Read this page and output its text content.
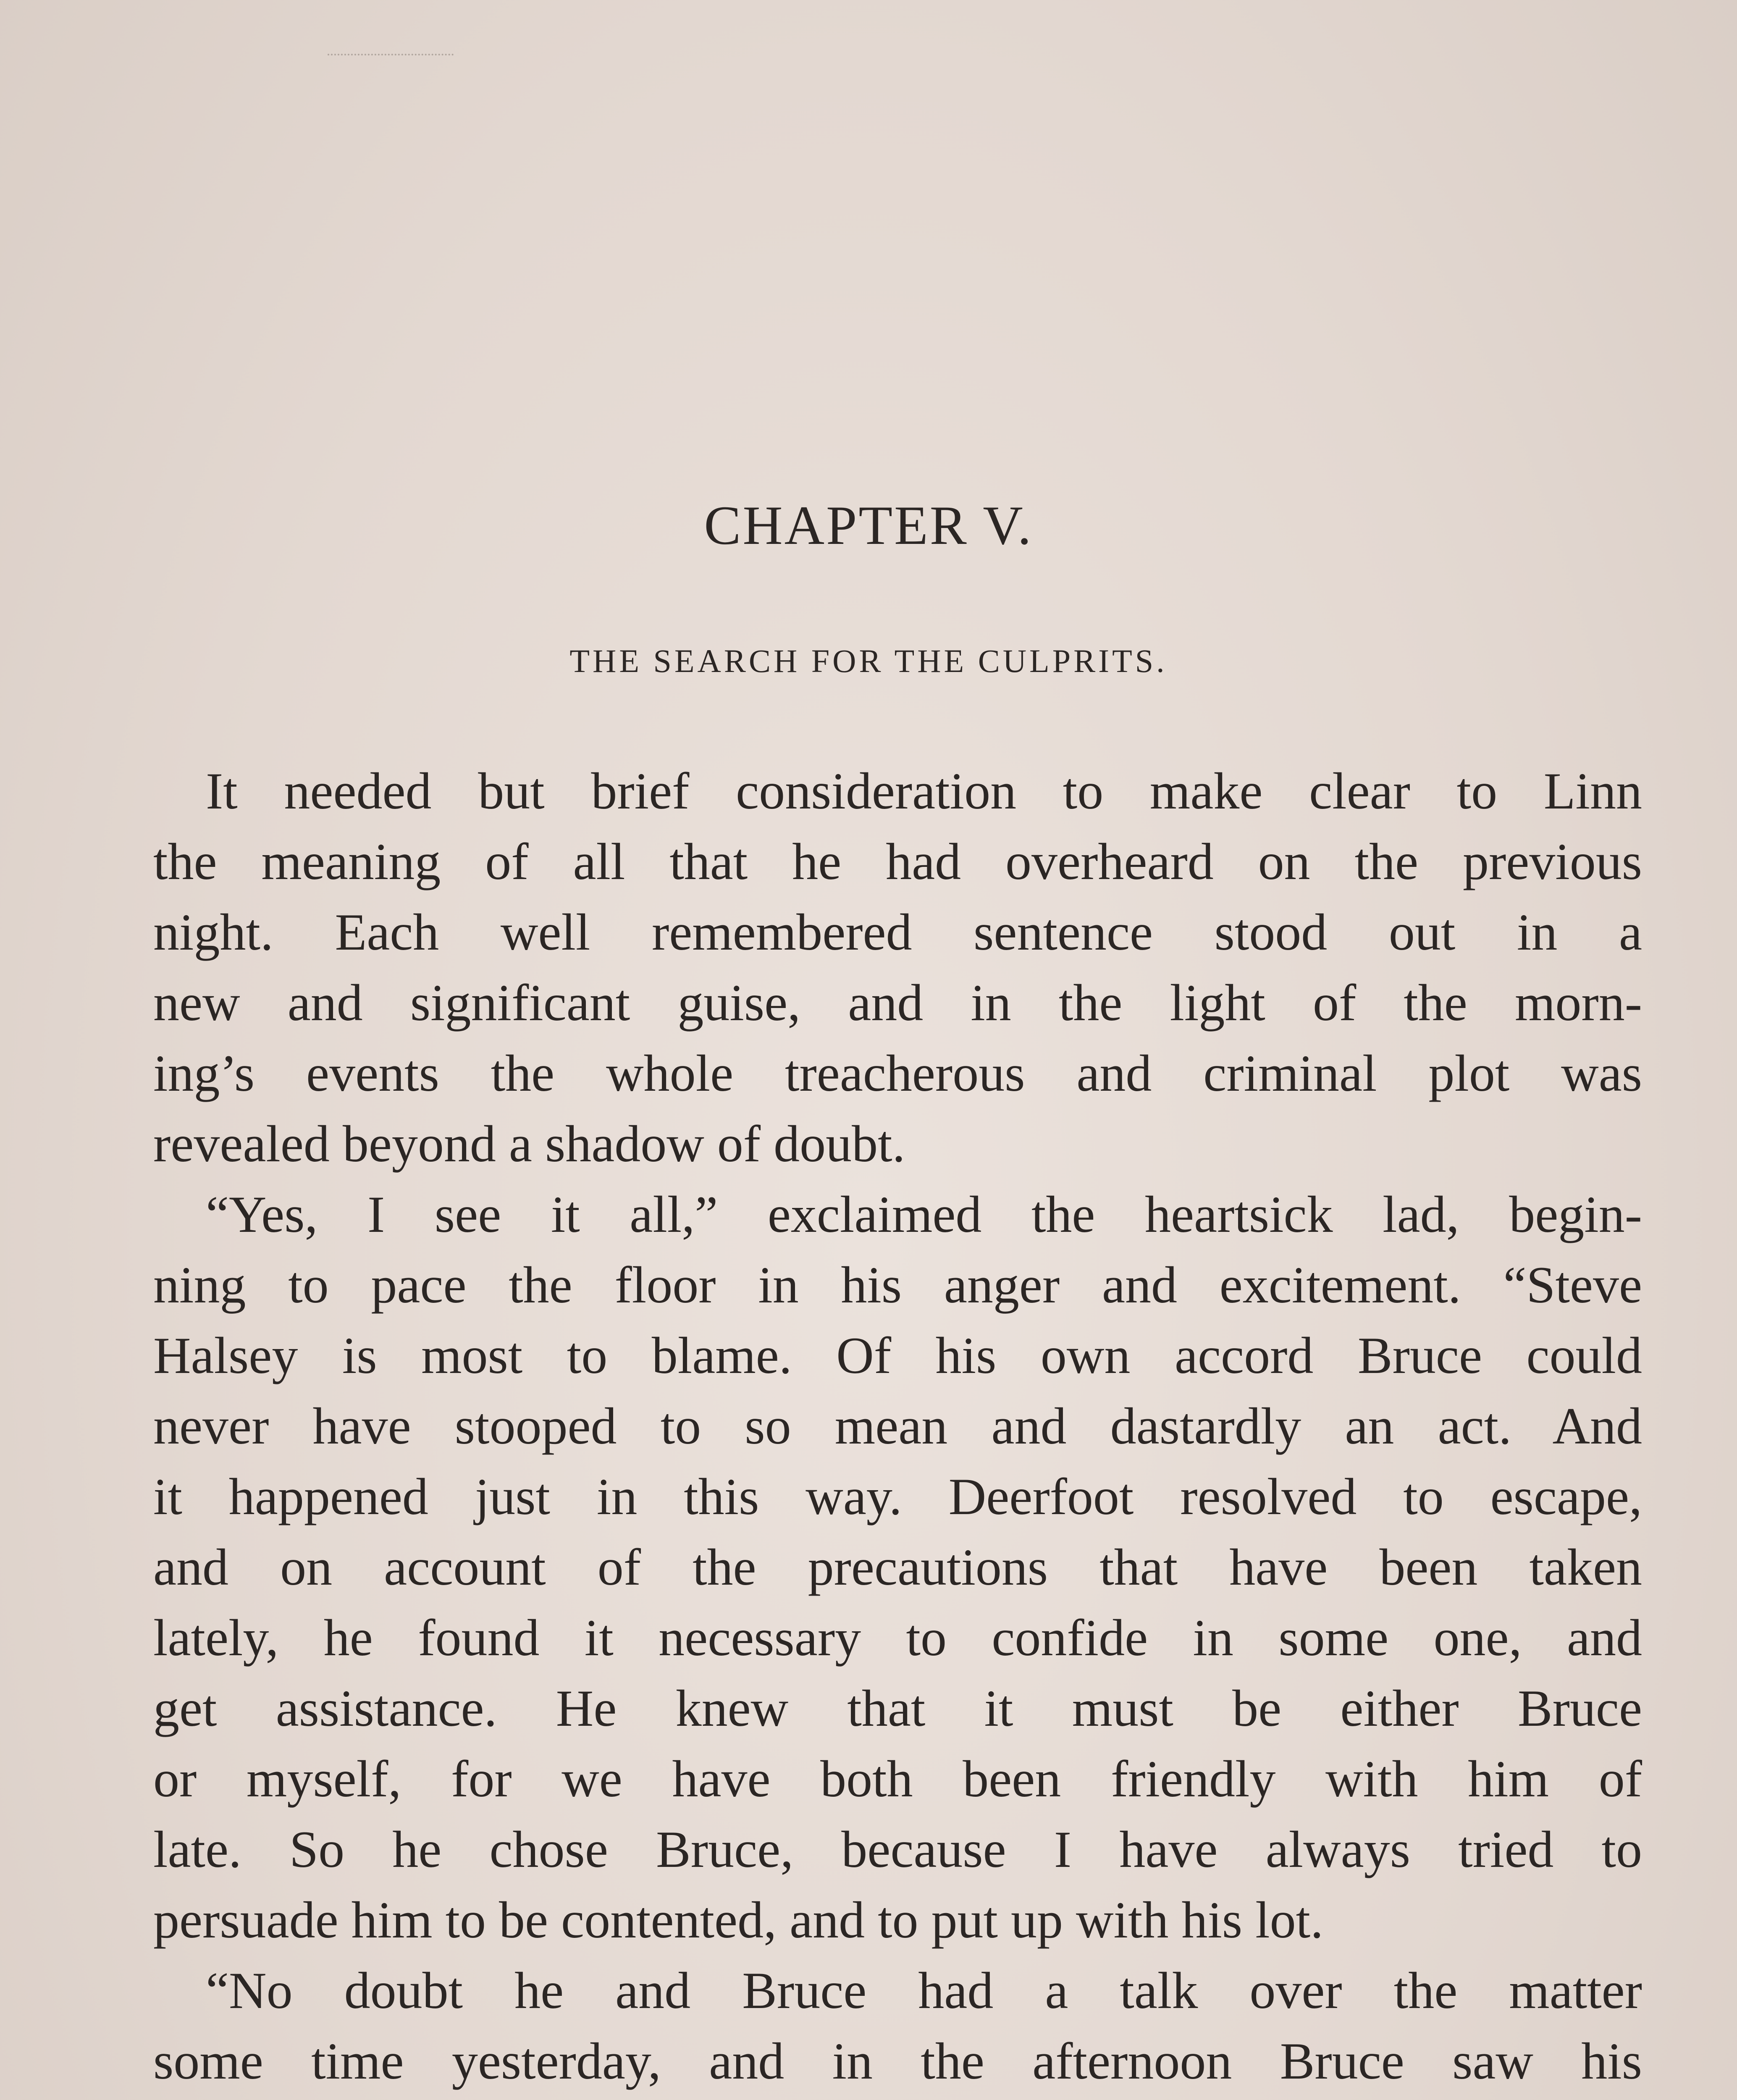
CHAPTER V.
THE SEARCH FOR THE CULPRITS.
It needed but brief consideration to make clear to Linn
the meaning of all that he had overheard on the previous
night. Each well remembered sentence stood out in a
new and significant guise, and in the light of the morn-
ing’s events the whole treacherous and criminal plot was
revealed beyond a shadow of doubt.
“Yes, I see it all,” exclaimed the heartsick lad, begin-
ning to pace the floor in his anger and excitement. “Steve
Halsey is most to blame. Of his own accord Bruce could
never have stooped to so mean and dastardly an act. And
it happened just in this way. Deerfoot resolved to escape,
and on account of the precautions that have been taken
lately, he found it necessary to confide in some one, and
get assistance. He knew that it must be either Bruce
or myself, for we have both been friendly with him of
late. So he chose Bruce, because I have always tried to
persuade him to be contented, and to put up with his lot.
“No doubt he and Bruce had a talk over the matter
some time yesterday, and in the afternoon Bruce saw his
